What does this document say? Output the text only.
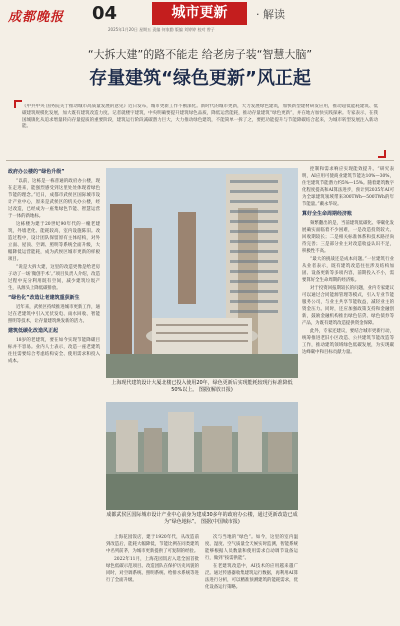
成都晚报 04	城市更新	· 解读
2025年1月20日 星期五 责编 何家勤 版编 刘婷婷 校对 曾子
“大拆大建”的路不能走 给老房子装“智慧大脑”
存量建筑“绿色更新”风正起
《中共中央 国务院关于推动城市高质量发展的意见》近日发布，城市更新工作不断深化。新时代的城市更新，大力发展绿色建筑，加快新型建材研发应用，推动超低能耗建筑、低碳建筑规模化发展，加大既有建筑改造力度。记者就楼宇建筑，中央明确要提升建筑绿色品质，降低运营能耗，推动存量建筑“绿色更新”，并在地方加快实践探索。专家表示，在我国城镇化从追求增量转向存量提质的重要阶段，建筑运行阶段减碳潜力巨大，大力推动绿色建筑，不能简单一拆了之，要把功能提升与节能降碳结合起来，为城市转型发展注入新动能。

政府办公楼的“绿色升级”

“以前，这栋是一栋普通的政府办公楼，现在走进来，能强烈感受到这里处处体现着绿色节能的理念。”近日，成都市武侯区国际城市设计产业中心，原来是武侯区的机关办公楼，经过改造，已经成为一座集绿色节能、智慧运营于一体的新地标。

这栋楼为建于20世纪90年代的一幢老建筑，外墙老化、能耗较高，室内设施陈旧。改造过程中，设计团队保留原有主体结构，对外立面、屋顶、空调、照明等系统全面升级，大幅降低运营能耗，成为武侯区城市更新的样板项目。

“说是大拆大建，这里的改造更像是给老房子动了一场‘微创手术’。”项目负责人介绍，改造过程中充分利用既有空间，减少建筑垃圾产生，从源头上降低碳排放。

“绿色化”改造让老建筑重获新生

近年来，武侯区持续推进城市更新工作，通过在老建筑中引入光伏发电、雨水回收、智能照明等技术，让存量建筑焕发新的活力。

建筑低碳化改造风正起

18岁的老建筑，要在如今实现节能降碳目标并不容易。业内人士表示，改造一座老建筑往往需要综合考虑结构安全、使用需求和投入成本。

上海现代建筑设计大厦北楼已投入使用20年，绿色更新后实现能耗较现行标准降低50%以上。 图据(解放日报)
成都武侯区国际城市设计产业中心前身为建成30多年的政府办公楼，通过更新改造已成为“绿色地标”。 图据(中国城市报)

上海花园饭店，建于1920年代，从改造前到改造后，能耗大幅降低，节能比例在同类建筑中名列前茅，为城市更新提供了可复制的经验。

2022年11月，上海花园饭店入选全国首批绿色低碳示范项目。改造团队在保护历史风貌的同时，对空调系统、照明系统、给排水系统等进行了全面升级。

次与当地的“绿色”。如今，这里的室内温度、湿度、空气质量全天候实时监测，智能系统能够根据人员数量和使用需求自动调节设备运行，做到“按需供能”。

在老建筑改造中，AI技术的应用越来越广泛。通过传感器收集建筑运行数据，再利用AI算法进行分析，可以精准预测建筑的能耗需求，优化设备运行策略。

控制和需求响应实现能效提升。“研究表明，AI应用可使商业建筑节能达10%—30%，住宅建筑节能潜力约5%—15%。随着建筑数字化程度提高和AI算法进步，预计到2035年AI可为全球建筑领域带来300TWh—500TWh的年节能量。”戴永华说。

算好全生命周期经济账

频繁翻出的是，当前建筑低碳化、零碳化发展确实面临着不少困难，一是改造投资较大、回收期较长；二是相关标准体系和技术路径尚待完善；三是部分业主对改造收益认识不足，积极性不高。

“最大的挑战还是成本问题。”一位建筑行业从业者表示，既有建筑改造往往涉及结构加固、设备更新等多项内容，前期投入不小，需要算好全生命周期的经济账。

对于投资回报期较长的问题，业内专家建议可以通过合同能源管理等模式，引入专业节能服务公司，与业主共享节能收益，减轻业主的资金压力。同时，还应加强政策支持和金融创新，鼓励金融机构推出绿色信贷、绿色债券等产品，为既有建筑改造提供资金保障。

此外，专家还建议，要结合城市更新行动，统筹推进老旧小区改造、公共建筑节能改造等工作，推动建筑领域绿色低碳发展，为实现碳达峰碳中和目标贡献力量。
